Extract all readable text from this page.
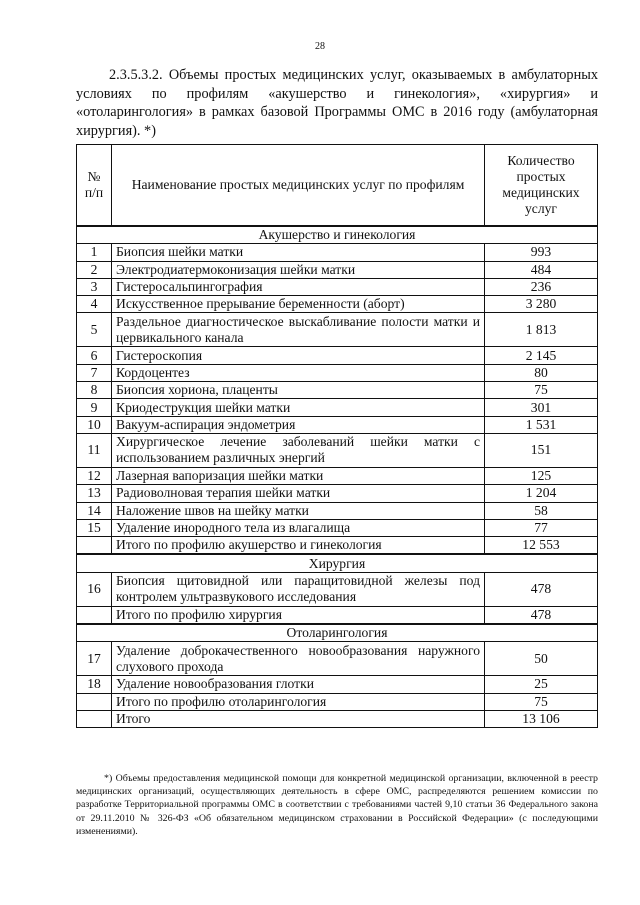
28
2.3.5.3.2. Объемы простых медицинских услуг, оказываемых в амбулаторных условиях по профилям «акушерство и гинекология», «хирургия» и «отоларингология» в рамках базовой Программы ОМС в 2016 году (амбулаторная хирургия). *)
№ п/п	Наименование простых медицинских услуг по профилям	Количество простых медицинских услуг
Акушерство и гинекология		
1	Биопсия шейки матки	993
2	Электродиатермоконизация шейки матки	484
3	Гистеросальпингография	236
4	Искусственное прерывание беременности (аборт)	3 280
5	Раздельное диагностическое выскабливание полости матки и цервикального канала	1 813
6	Гистероскопия	2 145
7	Кордоцентез	80
8	Биопсия хориона, плаценты	75
9	Криодеструкция шейки матки	301
10	Вакуум-аспирация эндометрия	1 531
11	Хирургическое лечение заболеваний шейки матки с использованием различных энергий	151
12	Лазерная вапоризация шейки матки	125
13	Радиоволновая терапия шейки матки	1 204
14	Наложение швов на шейку матки	58
15	Удаление инородного тела из влагалища	77
	Итого по профилю акушерство и гинекология	12 553
Хирургия		
16	Биопсия щитовидной или паращитовидной железы под контролем ультразвукового исследования	478
	Итого по профилю хирургия	478
Отоларингология		
17	Удаление доброкачественного новообразования наружного слухового прохода	50
18	Удаление новообразования глотки	25
	Итого по профилю отоларингология	75
	Итого	13 106
*) Объемы предоставления медицинской помощи для конкретной медицинской организации, включенной в реестр медицинских организаций, осуществляющих деятельность в сфере ОМС, распределяются решением комиссии по разработке Территориальной программы ОМС в соответствии с требованиями частей 9,10 статьи 36 Федерального закона от 29.11.2010 № 326-ФЗ «Об обязательном медицинском страховании в Российской Федерации» (с последующими изменениями).
